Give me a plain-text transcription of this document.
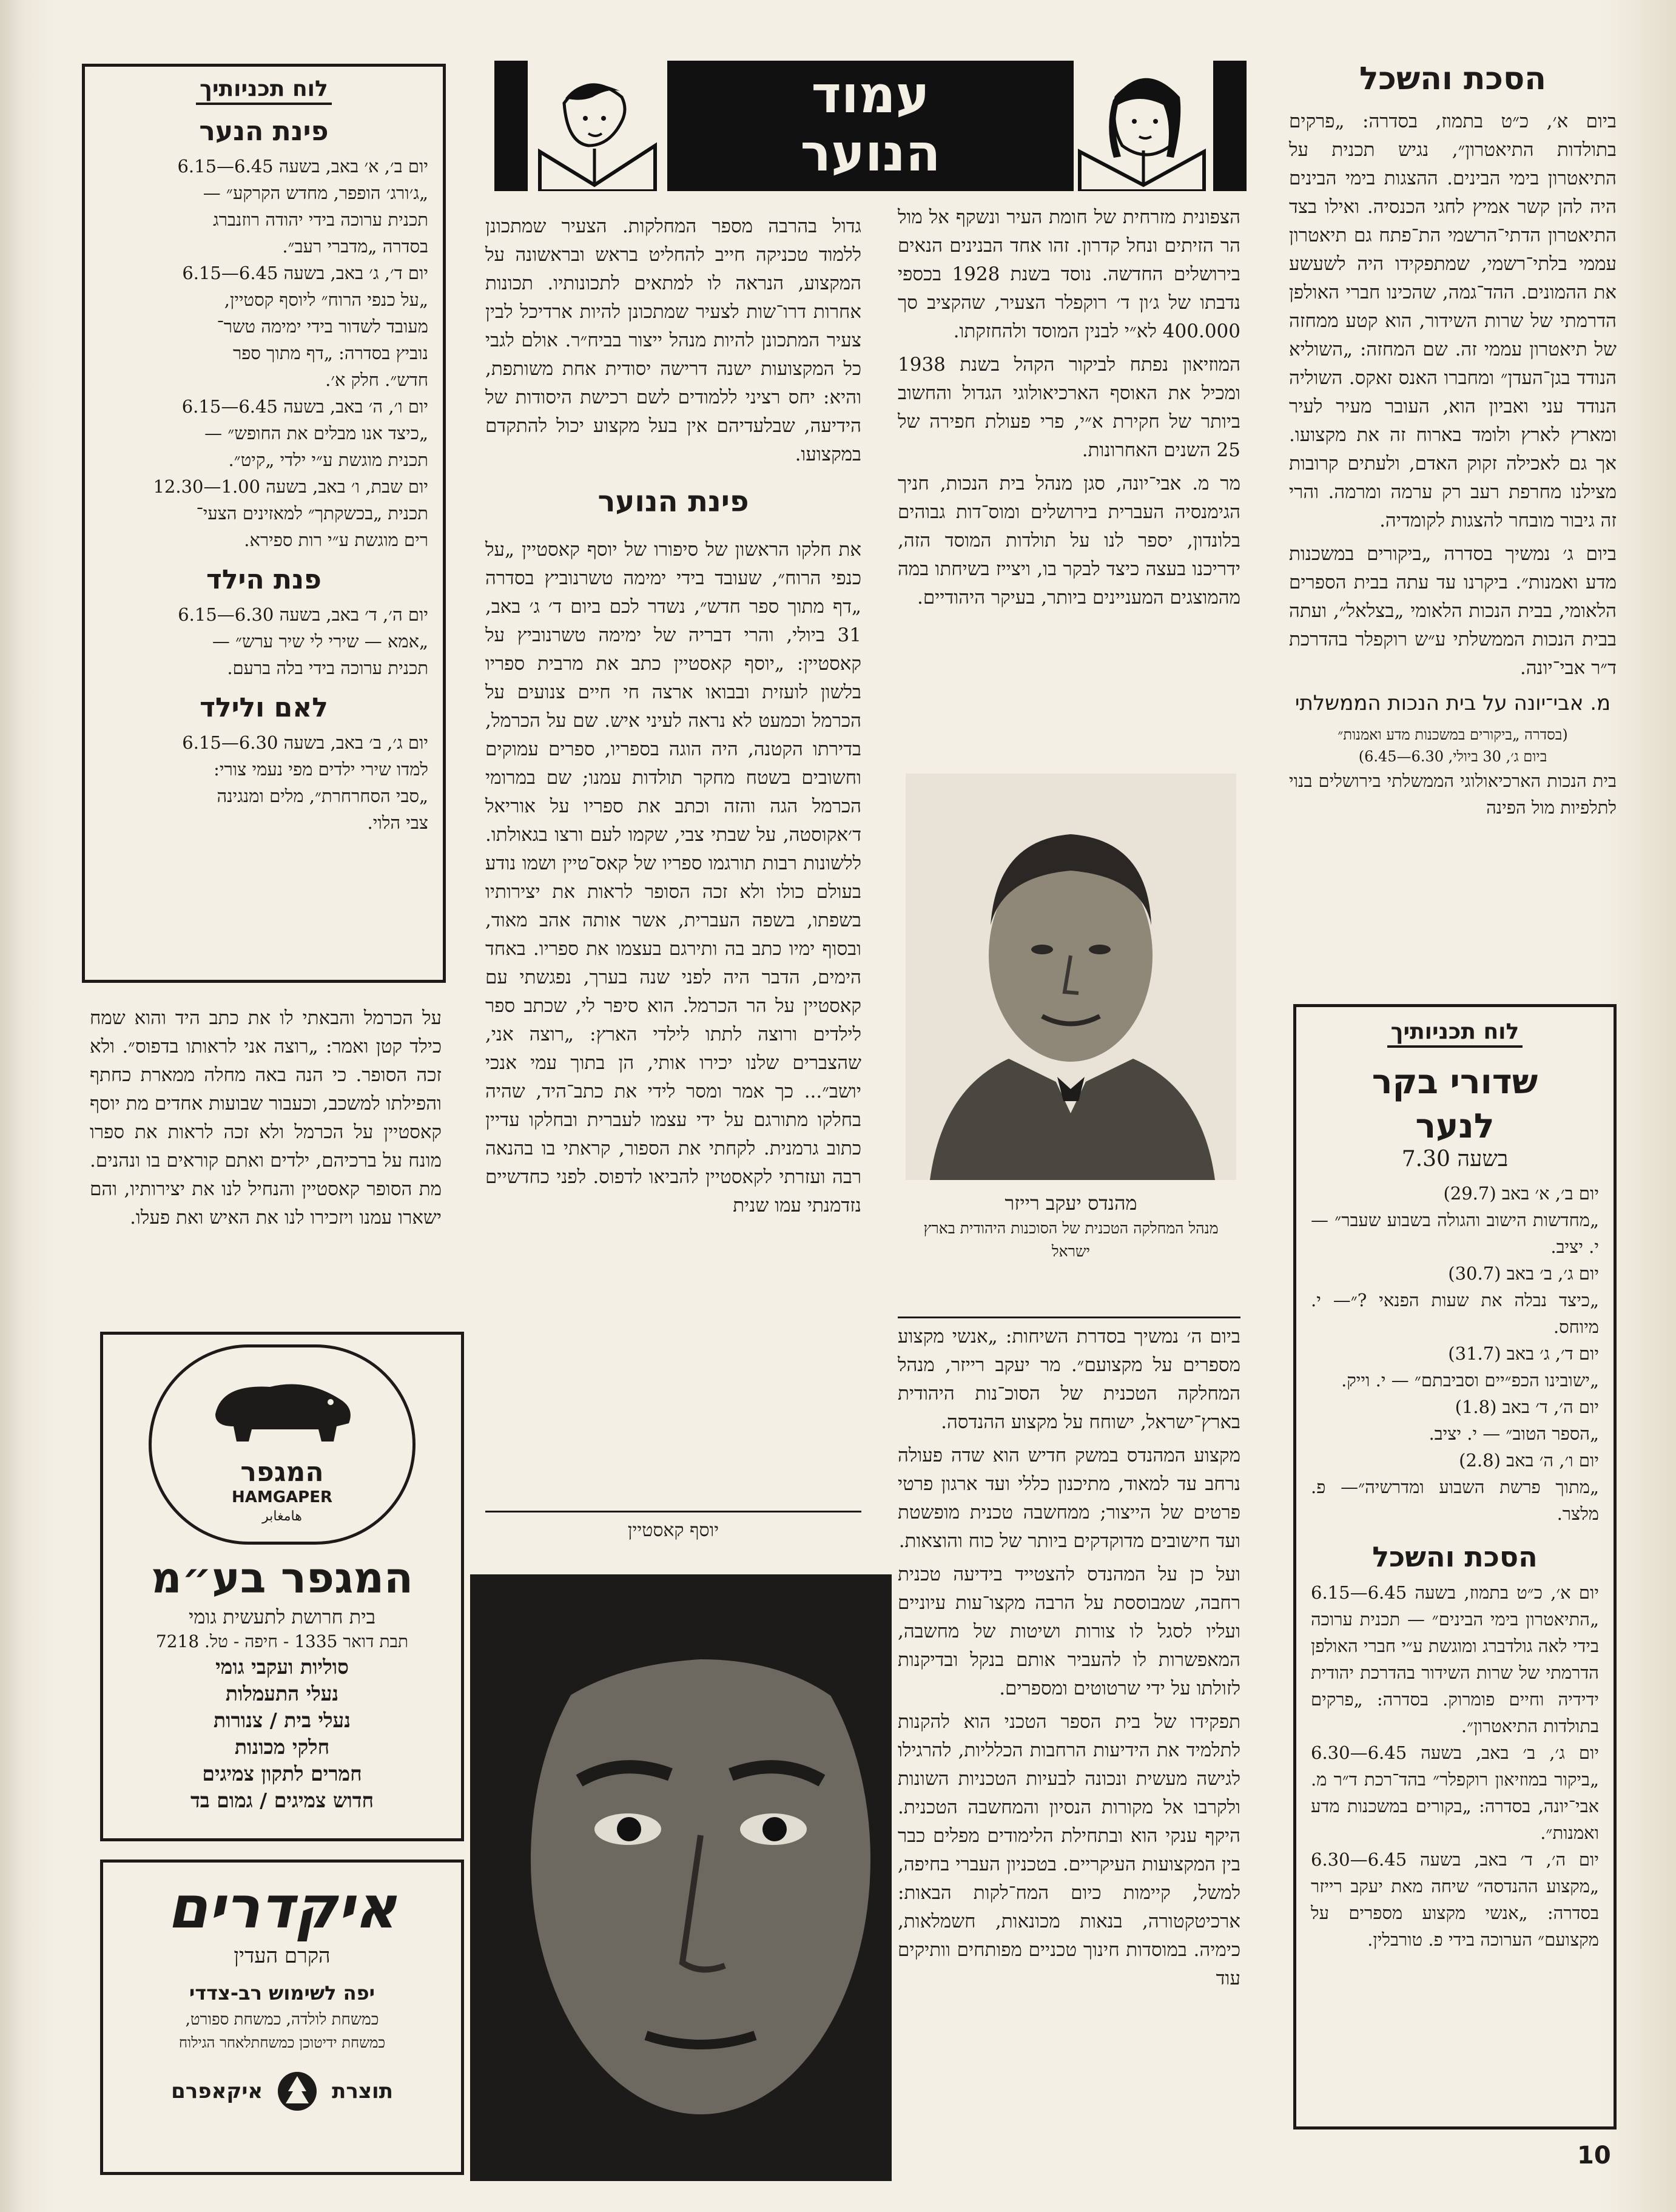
עמוד
הנוער
הסכת והשכל

ביום א׳, כ״ט בתמוז, בסדרה: „פרקים בתולדות התיאטרון״, נגיש תכנית על התיאטרון בימי הבינים. ההצגות בימי הבינים היה להן קשר אמיץ לחגי הכנסיה. ואילו בצד התיאטרון הדתי־הרשמי הת־פתח גם תיאטרון עממי בלתי־רשמי, שמתפקידו היה לשעשע את ההמונים. ההד־גמה, שהכינו חברי האולפן הדרמתי של שרות השידור, הוא קטע ממחזה של תיאטרון עממי זה. שם המחזה: „השוליא הנודד בגן־העדן״ ומחברו האנס זאקס. השוליה הנודד עני ואביון הוא, העובר מעיר לעיר ומארץ לארץ ולומד בארוח זה את מקצועו. אך גם לאכילה זקוק האדם, ולעתים קרובות מצילנו מחרפת רעב רק ערמה ומרמה. והרי זה גיבור מובחר להצגות לקומדיה.

ביום ג׳ נמשיך בסדרה „ביקורים במשכנות מדע ואמנות״. ביקרנו עד עתה בבית הספרים הלאומי, בבית הנכות הלאומי „בצלאל״, ועתה בבית הנכות הממשלתי ע״ש רוקפלר בהדרכת ד״ר אבי־יונה.

מ. אבי־יונה על בית הנכות הממשלתי
(בסדרה „ביקורים במשכנות מדע ואמנות״
ביום ג׳, 30 ביולי, 6.30—6.45)

בית הנכות הארכיאולוגי הממשלתי בירושלים בנוי לתלפיות מול הפינה

לוח תכניותיך
שדורי בקר
לנער
בשעה 7.30

יום ב׳, א׳ באב (29.7)

„מחדשות הישוב והגולה בשבוע שעבר״ — י. יציב.

יום ג׳, ב׳ באב (30.7)

„כיצד נבלה את שעות הפנאי ?״— י. מיוחס.

יום ד׳, ג׳ באב (31.7)

„ישובינו הכפ״יים וסביבתם״ — י. וייק.

יום ה׳, ד׳ באב (1.8)

„הספר הטוב״ — י. יציב.

יום ו׳, ה׳ באב (2.8)

„מתוך פרשת השבוע ומדרשיה״— פ. מלצר.

הסכת והשכל

יום א׳, כ״ט בתמוז, בשעה 6.45—6.15 „התיאטרון בימי הבינים״ — תכנית ערוכה בידי לאה גולדברג ומוגשת ע״י חברי האולפן הדרמתי של שרות השידור בהדרכת יהודית ידידיה וחיים פומרוק. בסדרה: „פרקים בתולדות התיאטרון״.

יום ג׳, ב׳ באב, בשעה 6.45—6.30 „ביקור במוזיאון רוקפלר״ בהד־רכת ד״ר מ. אבי־יונה, בסדרה: „בקורים במשכנות מדע ואמנות״.

יום ה׳, ד׳ באב, בשעה 6.45—6.30 „מקצוע ההנדסה״ שיחה מאת יעקב רייזר בסדרה: „אנשי מקצוע מספרים על מקצועם״ הערוכה בידי פ. טורבלין.

הצפונית מזרחית של חומת העיר ונשקף אל מול הר הזיתים ונחל קדרון. זהו אחד הבנינים הנאים בירושלים החדשה. נוסד בשנת 1928 בכספי נדבתו של ג׳ון ד׳ רוקפלר הצעיר, שהקציב סך 400.000 לא״י לבנין המוסד ולהחזקתו.

המוזיאון נפתח לביקור הקהל בשנת 1938 ומכיל את האוסף הארכיאולוגי הגדול והחשוב ביותר של חקירת א״י, פרי פעולת חפירה של 25 השנים האחרונות.

מר מ. אבי־יונה, סגן מנהל בית הנכות, חניך הגימנסיה העברית בירושלים ומוס־דות גבוהים בלונדון, יספר לנו על תולדות המוסד הזה, ידריכנו בעצה כיצד לבקר בו, ויצייז בשיחתו במה מהמוצגים המעניינים ביותר, בעיקר היהודיים.

מהנדס יעקב רייזר
מנהל המחלקה הטכנית של הסוכנות היהודית בארץ ישראל

ביום ה׳ נמשיך בסדרת השיחות: „אנשי מקצוע מספרים על מקצועם״. מר יעקב רייזר, מנהל המחלקה הטכנית של הסוכ־נות היהודית בארץ־ישראל, ישוחח על מקצוע ההנדסה.

מקצוע המהנדס במשק חדיש הוא שדה פעולה נרחב עד למאוד, מתיכנון כללי ועד ארגון פרטי פרטים של הייצור; ממחשבה טכנית מופשטת ועד חישובים מדוקדקים ביותר של כוח והוצאות.

ועל כן על המהנדס להצטייד בידיעה טכנית רחבה, שמבוססת על הרבה מקצו־עות עיוניים ועליו לסגל לו צורות ושיטות של מחשבה, המאפשרות לו להעביר אותם בנקל ובדיקנות לזולתו על ידי שרטוטים ומספרים.

תפקידו של בית הספר הטכני הוא להקנות לתלמיד את הידיעות הרחבות הכלליות, להרגילו לגישה מעשית ונכונה לבעיות הטכניות השונות ולקרבו אל מקורות הנסיון והמחשבה הטכנית. היקף ענקי הוא ובתחילת הלימודים מפלים כבר בין המקצועות העיקריים. בטכניון העברי בחיפה, למשל, קיימות כיום המח־לקות הבאות: ארכיטקטורה, בנאות מכונאות, חשמלאות, כימיה. במוסדות חינוך טכניים מפותחים וותיקים עוד

גדול בהרבה מספר המחלקות. הצעיר שמתכונן ללמוד טכניקה חייב להחליט בראש ובראשונה על המקצוע, הנראה לו למתאים לתכונותיו. תכונות אחרות דרו־שות לצעיר שמתכונן להיות ארדיכל לבין צעיר המתכונן להיות מנהל ייצור בביח״ר. אולם לגבי כל המקצועות ישנה דרישה יסודית אחת משותפת, והיא: יחס רציני ללמודים לשם רכישת היסודות של הידיעה, שבלעדיהם אין בעל מקצוע יכול להתקדם במקצועו.

פינת הנוער

את חלקו הראשון של סיפורו של יוסף קאסטיין „על כנפי הרוח״, שעובד בידי ימימה טשרנוביץ בסדרה „דף מתוך ספר חדש״, נשדר לכם ביום ד׳ ג׳ באב, 31 ביולי, והרי דבריה של ימימה טשרנוביץ על קאסטיין: „יוסף קאסטיין כתב את מרבית ספריו בלשון לועזית ובבואו ארצה חי חיים צנועים על הכרמל וכמעט לא נראה לעיני איש. שם על הכרמל, בדירתו הקטנה, היה הוגה בספריו, ספרים עמוקים וחשובים בשטח מחקר תולדות עמנו; שם במרומי הכרמל הגה והזה וכתב את ספריו על אוריאל ד׳אקוסטה, על שבתי צבי, שקמו לעם ורצו בגאולתו. ללשונות רבות תורגמו ספריו של קאס־טיין ושמו נודע בעולם כולו ולא זכה הסופר לראות את יצירותיו בשפתו, בשפה העברית, אשר אותה אהב מאוד, ובסוף ימיו כתב בה ותירגם בעצמו את ספריו. באחד הימים, הדבר היה לפני שנה בערך, נפגשתי עם קאסטיין על הר הכרמל. הוא סיפר לי, שכתב ספר לילדים ורוצה לתתו לילדי הארץ: „רוצה אני, שהצברים שלנו יכירו אותי, הן בתוך עמי אנכי יושב״... כך אמר ומסר לידי את כתב־היד, שהיה בחלקו מתורגם על ידי עצמו לעברית ובחלקו עדיין כתוב גרמנית. לקחתי את הספור, קראתי בו בהנאה רבה ועזרתי לקאסטיין להביאו לדפוס. לפני כחדשיים נזדמנתי עמו שנית

יוסף קאסטיין
לוח תכניותיך
פינת הנער

יום ב׳, א׳ באב, בשעה 6.45—6.15

„ג׳ורג׳ הופפר, מחדש הקרקע״ —

תכנית ערוכה בידי יהודה רוזנברג

בסדרה „מדברי רעב״.

יום ד׳, ג׳ באב, בשעה 6.45—6.15

„על כנפי הרוח״ ליוסף קסטיין,

מעובד לשדור בידי ימימה טשר־

נוביץ בסדרה: „דף מתוך ספר

חדש״. חלק א׳.

יום ו׳, ה׳ באב, בשעה 6.45—6.15

„כיצד אנו מבלים את החופש״ —

תכנית מוגשת ע״י ילדי „קיט״.

יום שבת, ו׳ באב, בשעה 1.00—12.30

תכנית „בכשקתך״ למאזינים הצעי־

רים מוגשת ע״י רות ספירא.

פנת הילד

יום ה׳, ד׳ באב, בשעה 6.30—6.15

„אמא — שירי לי שיר ערש״ —

תכנית ערוכה בידי בלה ברעם.

לאם ולילד

יום ג׳, ב׳ באב, בשעה 6.30—6.15

למדו שירי ילדים מפי נעמי צורי:

„סבי הסחרחרת״, מלים ומנגינה

צבי הלוי.

על הכרמל והבאתי לו את כתב היד והוא שמח כילד קטן ואמר: „רוצה אני לראותו בדפוס״. ולא זכה הסופר. כי הנה באה מחלה ממארת כחתף והפילתו למשכב, וכעבור שבועות אחדים מת יוסף קאסטיין על הכרמל ולא זכה לראות את ספרו מונח על ברכיהם, ילדים ואתם קוראים בו ונהנים. מת הסופר קאסטיין והנחיל לנו את יצירותיו, והם ישארו עמנו ויזכירו לנו את האיש ואת פעלו.

המגפר
HAMGAPER
هامغابر
המגפר בע״מ
בית חרושת לתעשית גומי
תבת דואר 1335 - חיפה - טל. 7218
סוליות ועקבי גומי
נעלי התעמלות
נעלי בית / צנורות
חלקי מכונות
חמרים לתקון צמיגים
חדוש צמיגים / גמום בד
איקדרים
הקרם העדין
יפה לשימוש רב-צדדי
כמשחת לולדה, כמשחת ספורט,
כמשחת ידיטוכן כמשחתלאחר הגילוח
תוצרת
איקאפרם
10
